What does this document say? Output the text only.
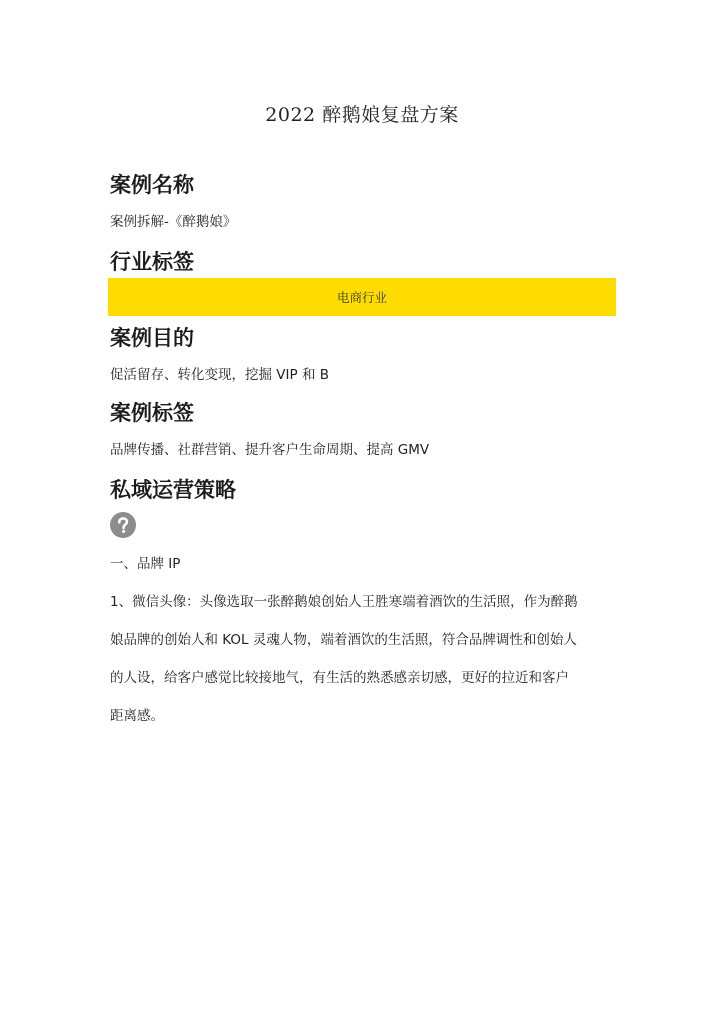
2022 醉鹅娘复盘方案
案例名称

案例拆解-《醉鹅娘》

行业标签
电商行业
案例目的

促活留存、转化变现，挖掘 VIP 和 B

案例标签

品牌传播、社群营销、提升客户生命周期、提高 GMV

私域运营策略

一、品牌 IP

1、微信头像：头像选取一张醉鹅娘创始人王胜寒端着酒饮的生活照，作为醉鹅
娘品牌的创始人和 KOL 灵魂人物，端着酒饮的生活照，符合品牌调性和创始人
的人设，给客户感觉比较接地气，有生活的熟悉感亲切感，更好的拉近和客户
距离感。
